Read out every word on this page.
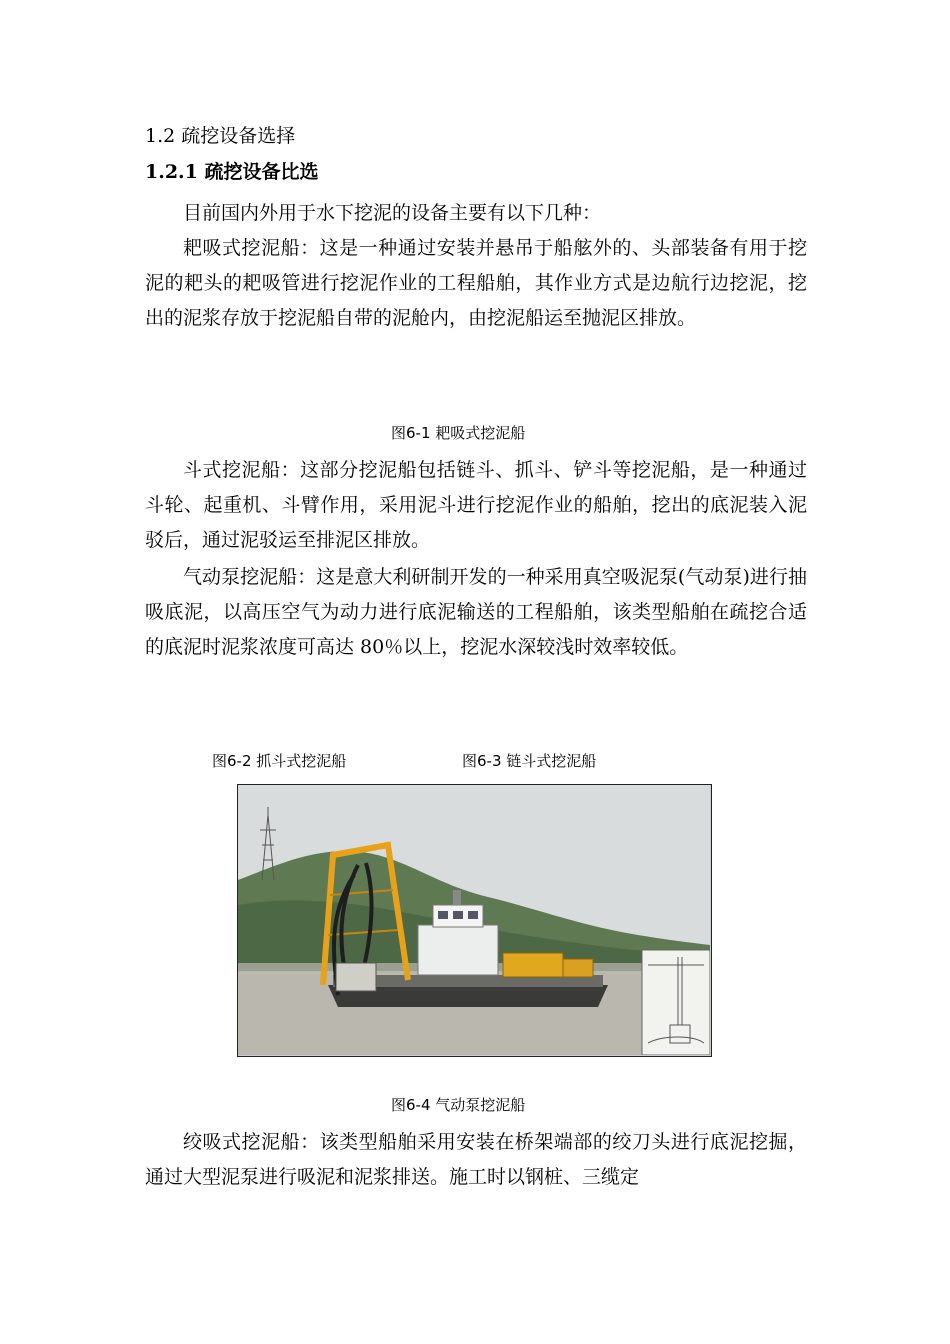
1.2 疏挖设备选择
1.2.1 疏挖设备比选

目前国内外用于水下挖泥的设备主要有以下几种：

耙吸式挖泥船：这是一种通过安装并悬吊于船舷外的、头部装备有用于挖泥的耙头的耙吸管进行挖泥作业的工程船舶，其作业方式是边航行边挖泥，挖出的泥浆存放于挖泥船自带的泥舱内，由挖泥船运至抛泥区排放。

图6-1 耙吸式挖泥船

斗式挖泥船：这部分挖泥船包括链斗、抓斗、铲斗等挖泥船，是一种通过斗轮、起重机、斗臂作用，采用泥斗进行挖泥作业的船舶，挖出的底泥装入泥驳后，通过泥驳运至排泥区排放。

气动泵挖泥船：这是意大利研制开发的一种采用真空吸泥泵(气动泵)进行抽吸底泥，以高压空气为动力进行底泥输送的工程船舶，该类型船舶在疏挖合适的底泥时泥浆浓度可高达 80％以上，挖泥水深较浅时效率较低。

图6-2 抓斗式挖泥船	图6-3 链斗式挖泥船
图6-4 气动泵挖泥船

绞吸式挖泥船：该类型船舶采用安装在桥架端部的绞刀头进行底泥挖掘，通过大型泥泵进行吸泥和泥浆排送。施工时以钢桩、三缆定
